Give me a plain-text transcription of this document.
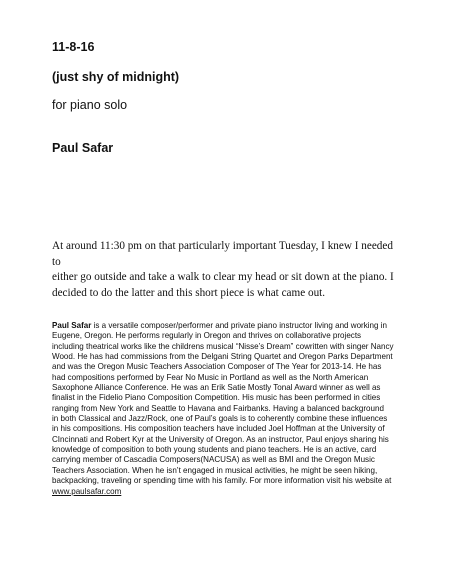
11-8-16
(just shy of midnight)
for piano solo
Paul Safar

At around 11:30 pm on that particularly important Tuesday, I knew I needed to

either go outside and take a walk to clear my head or sit down at the piano. I

decided to do the latter and this short piece is what came out.

Paul Safar is a versatile composer/performer and private piano instructor living and working in
Eugene, Oregon. He performs regularly in Oregon and thrives on collaborative projects
including theatrical works like the childrens musical “Nisse’s Dream” cowritten with singer Nancy
Wood. He has had commissions from the Delgani String Quartet and Oregon Parks Department
and was the Oregon Music Teachers Association Composer of The Year for 2013-14. He has
had compositions performed by Fear No Music in Portland as well as the North American
Saxophone Alliance Conference. He was an Erik Satie Mostly Tonal Award winner as well as
finalist in the Fidelio Piano Composition Competition. His music has been performed in cities
ranging from New York and Seattle to Havana and Fairbanks. Having a balanced background
in both Classical and Jazz/Rock, one of Paul’s goals is to coherently combine these influences
in his compositions. His composition teachers have included Joel Hoffman at the University of
CIncinnati and Robert Kyr at the University of Oregon. As an instructor, Paul enjoys sharing his
knowledge of composition to both young students and piano teachers. He is an active, card
carrying member of Cascadia Composers(NACUSA) as well as BMI and the Oregon Music
Teachers Association. When he isn’t engaged in musical activities, he might be seen hiking,
backpacking, traveling or spending time with his family. For more information visit his website at
www.paulsafar.com
